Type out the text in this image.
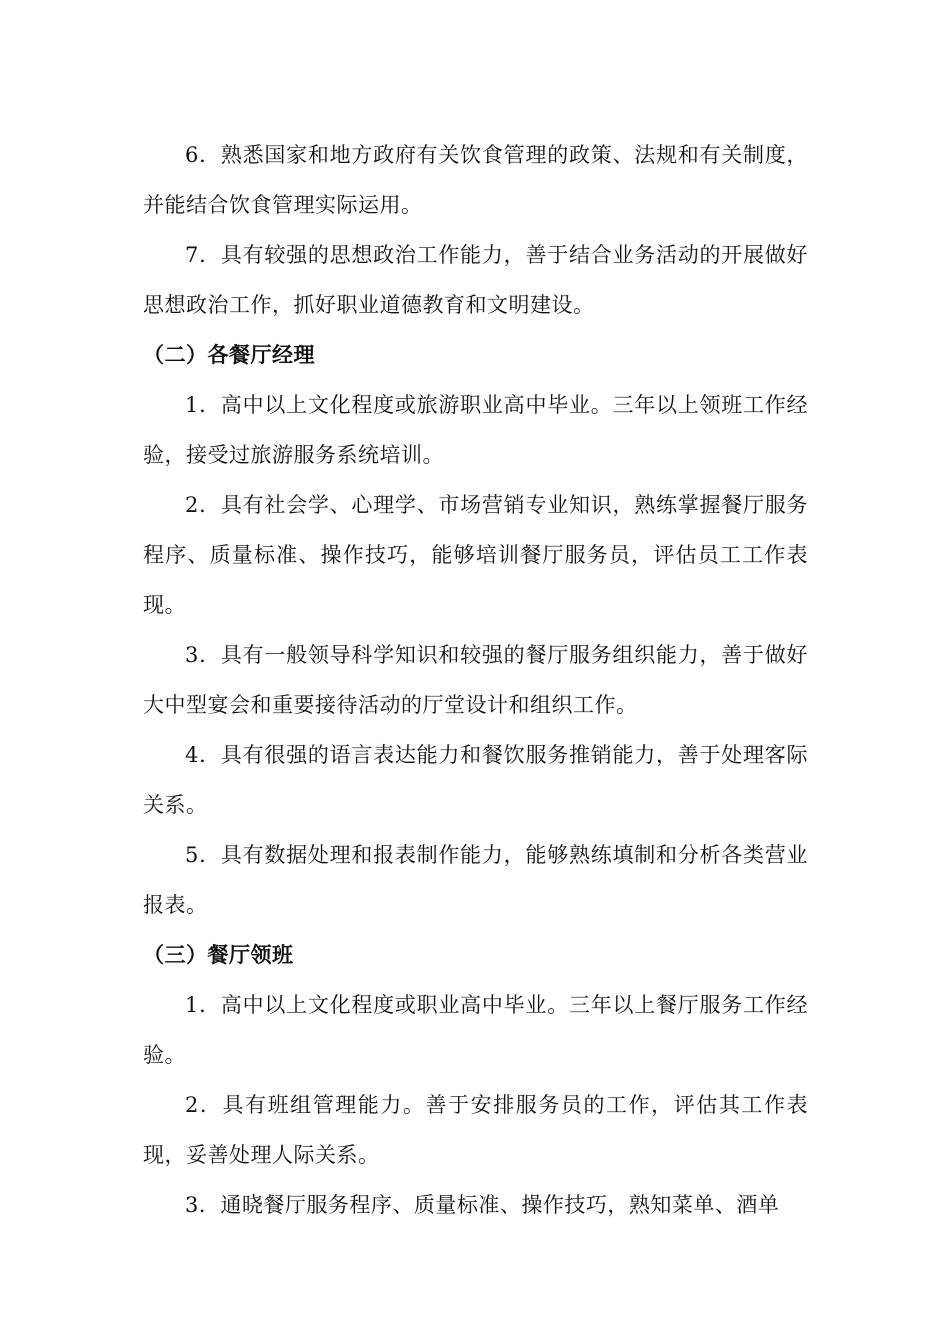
6．熟悉国家和地方政府有关饮食管理的政策、法规和有关制度，并能结合饮食管理实际运用。

7．具有较强的思想政治工作能力，善于结合业务活动的开展做好思想政治工作，抓好职业道德教育和文明建设。

（二）各餐厅经理

1．高中以上文化程度或旅游职业高中毕业。三年以上领班工作经验，接受过旅游服务系统培训。

2．具有社会学、心理学、市场营销专业知识，熟练掌握餐厅服务程序、质量标准、操作技巧，能够培训餐厅服务员，评估员工工作表现。

3．具有一般领导科学知识和较强的餐厅服务组织能力，善于做好大中型宴会和重要接待活动的厅堂设计和组织工作。

4．具有很强的语言表达能力和餐饮服务推销能力，善于处理客际关系。

5．具有数据处理和报表制作能力，能够熟练填制和分析各类营业报表。

（三）餐厅领班

1．高中以上文化程度或职业高中毕业。三年以上餐厅服务工作经验。

2．具有班组管理能力。善于安排服务员的工作，评估其工作表现，妥善处理人际关系。

3．通晓餐厅服务程序、质量标准、操作技巧，熟知菜单、酒单
